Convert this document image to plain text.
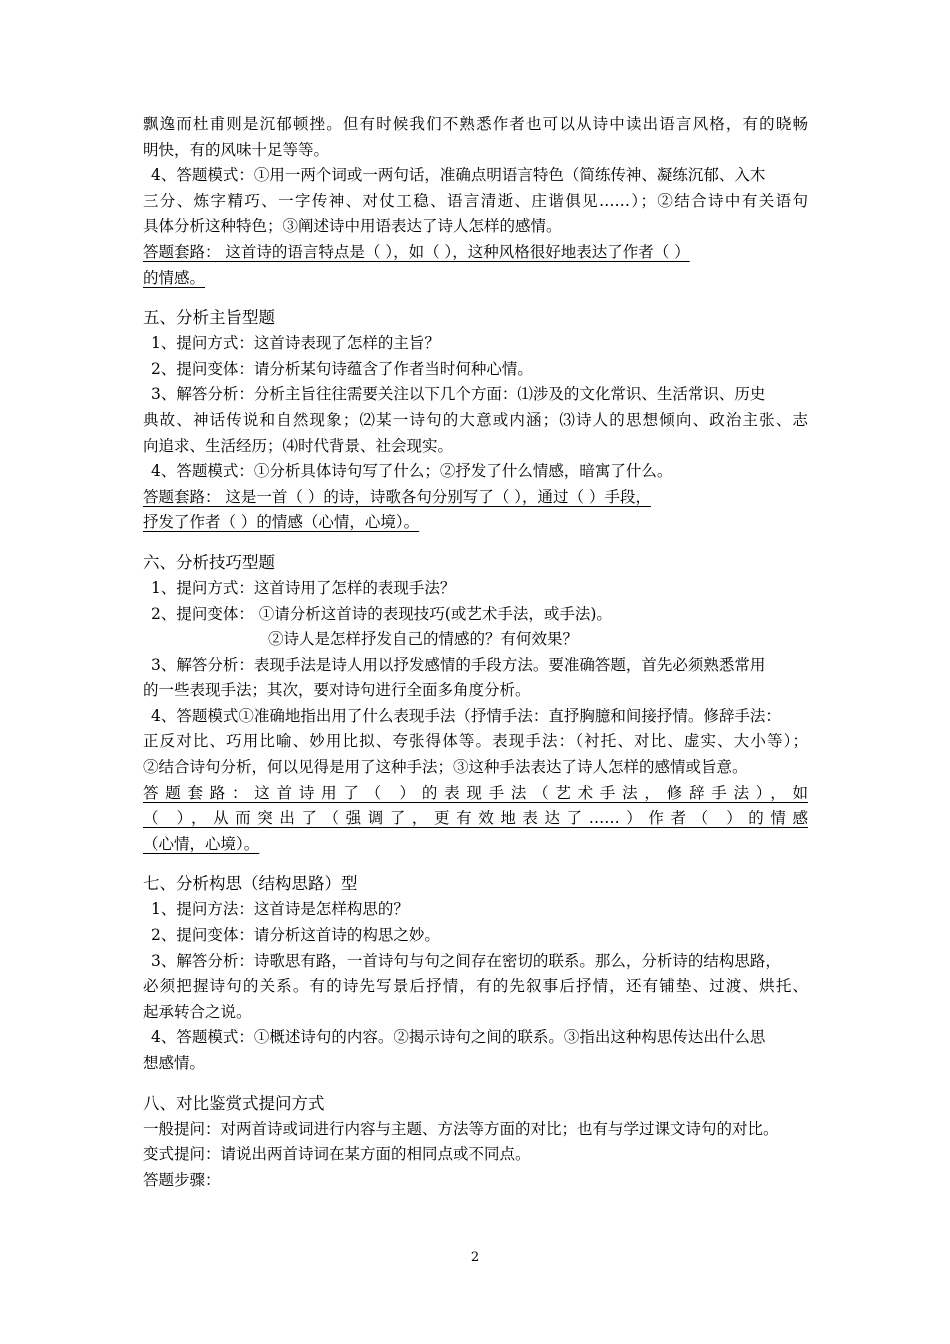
飘逸而杜甫则是沉郁顿挫。但有时候我们不熟悉作者也可以从诗中读出语言风格，有的晓畅
明快，有的风味十足等等。
4、答题模式：①用一两个词或一两句话，准确点明语言特色（简练传神、凝练沉郁、入木
三分、炼字精巧、一字传神、对仗工稳、语言清逝、庄谐俱见……）；②结合诗中有关语句
具体分析这种特色；③阐述诗中用语表达了诗人怎样的感情。
答题套路： 这首诗的语言特点是（ ），如（ ），这种风格很好地表达了作者（ ）
的情感。
五、分析主旨型题
1、提问方式：这首诗表现了怎样的主旨？
2、提问变体：请分析某句诗蕴含了作者当时何种心情。
3、解答分析：分析主旨往往需要关注以下几个方面：⑴涉及的文化常识、生活常识、历史
典故、神话传说和自然现象；⑵某一诗句的大意或内涵；⑶诗人的思想倾向、政治主张、志
向追求、生活经历；⑷时代背景、社会现实。
4、答题模式：①分析具体诗句写了什么；②抒发了什么情感，暗寓了什么。
答题套路： 这是一首（ ）的诗，诗歌各句分别写了（ ），通过（ ）手段，
抒发了作者（ ）的情感（心情，心境）。
六、分析技巧型题
1、提问方式：这首诗用了怎样的表现手法？
2、提问变体： ①请分析这首诗的表现技巧(或艺术手法，或手法)。
②诗人是怎样抒发自己的情感的？有何效果？
3、解答分析：表现手法是诗人用以抒发感情的手段方法。要准确答题，首先必须熟悉常用
的一些表现手法；其次，要对诗句进行全面多角度分析。
4、答题模式①准确地指出用了什么表现手法（抒情手法：直抒胸臆和间接抒情。修辞手法：
正反对比、巧用比喻、妙用比拟、夸张得体等。表现手法：（衬托、对比、虚实、大小等）；
②结合诗句分析，何以见得是用了这种手法；③这种手法表达了诗人怎样的感情或旨意。
答题套路：这首诗用了（ ）的表现手法（艺术手法，修辞手法），如
（ ），从而突出了（强调了，更有效地表达了……）作者（ ）的情感
（心情，心境）。
七、分析构思（结构思路）型
1、提问方法：这首诗是怎样构思的？
2、提问变体：请分析这首诗的构思之妙。
3、解答分析：诗歌思有路，一首诗句与句之间存在密切的联系。那么，分析诗的结构思路，
必须把握诗句的关系。有的诗先写景后抒情，有的先叙事后抒情，还有铺垫、过渡、烘托、
起承转合之说。
4、答题模式：①概述诗句的内容。②揭示诗句之间的联系。③指出这种构思传达出什么思
想感情。
八、对比鉴赏式提问方式
一般提问：对两首诗或词进行内容与主题、方法等方面的对比；也有与学过课文诗句的对比。
变式提问：请说出两首诗词在某方面的相同点或不同点。
答题步骤：
2
